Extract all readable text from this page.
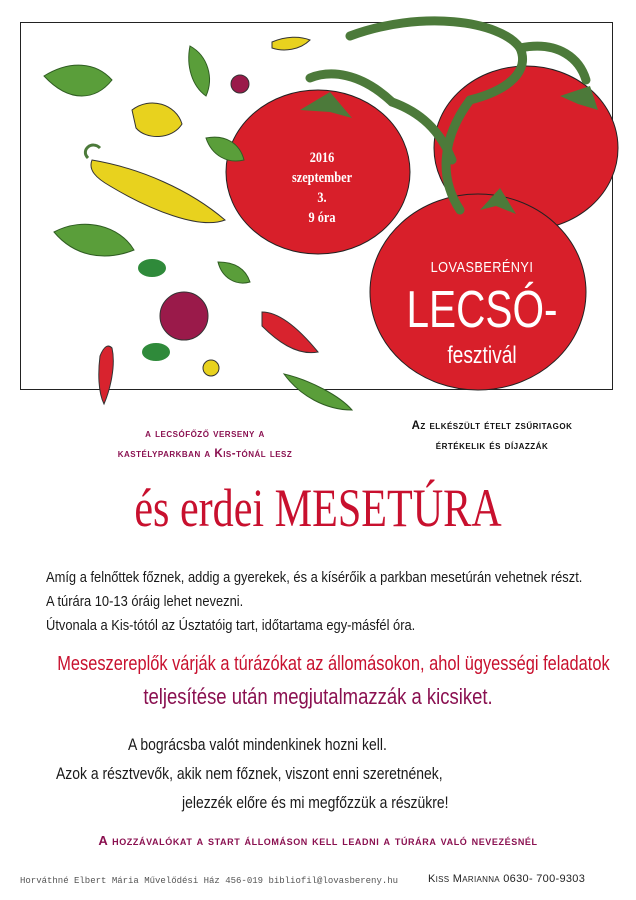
2016
szeptember
3.
9 óra
LOVASBERÉNYI
LECSÓ-
fesztivál
a lecsófőző verseny a
kastélyparkban a Kis-tónál lesz
Az elkészült ételt zsűritagok
értékelik és díjazzák
és erdei MESETÚRA
Amíg a felnőttek főznek, addig a gyerekek, és a kísérőik a parkban mesetúrán vehetnek részt.
A túrára 10-13 óráig lehet nevezni.
Útvonala a Kis-tótól az Úsztatóig tart, időtartama egy-másfél óra.
Meseszereplők várják a túrázókat az állomásokon, ahol ügyességi feladatok
teljesítése után megjutalmazzák a kicsiket.
A bográcsba valót mindenkinek hozni kell.
Azok a résztvevők, akik nem főznek, viszont enni szeretnének,
jelezzék előre és mi megfőzzük a részükre!
A hozzávalókat a start állomáson kell leadni a túrára való nevezésnél
Horváthné Elbert Mária Művelődési Ház 456-019 bibliofil@lovasbereny.hu	Kiss Marianna 0630- 700-9303
